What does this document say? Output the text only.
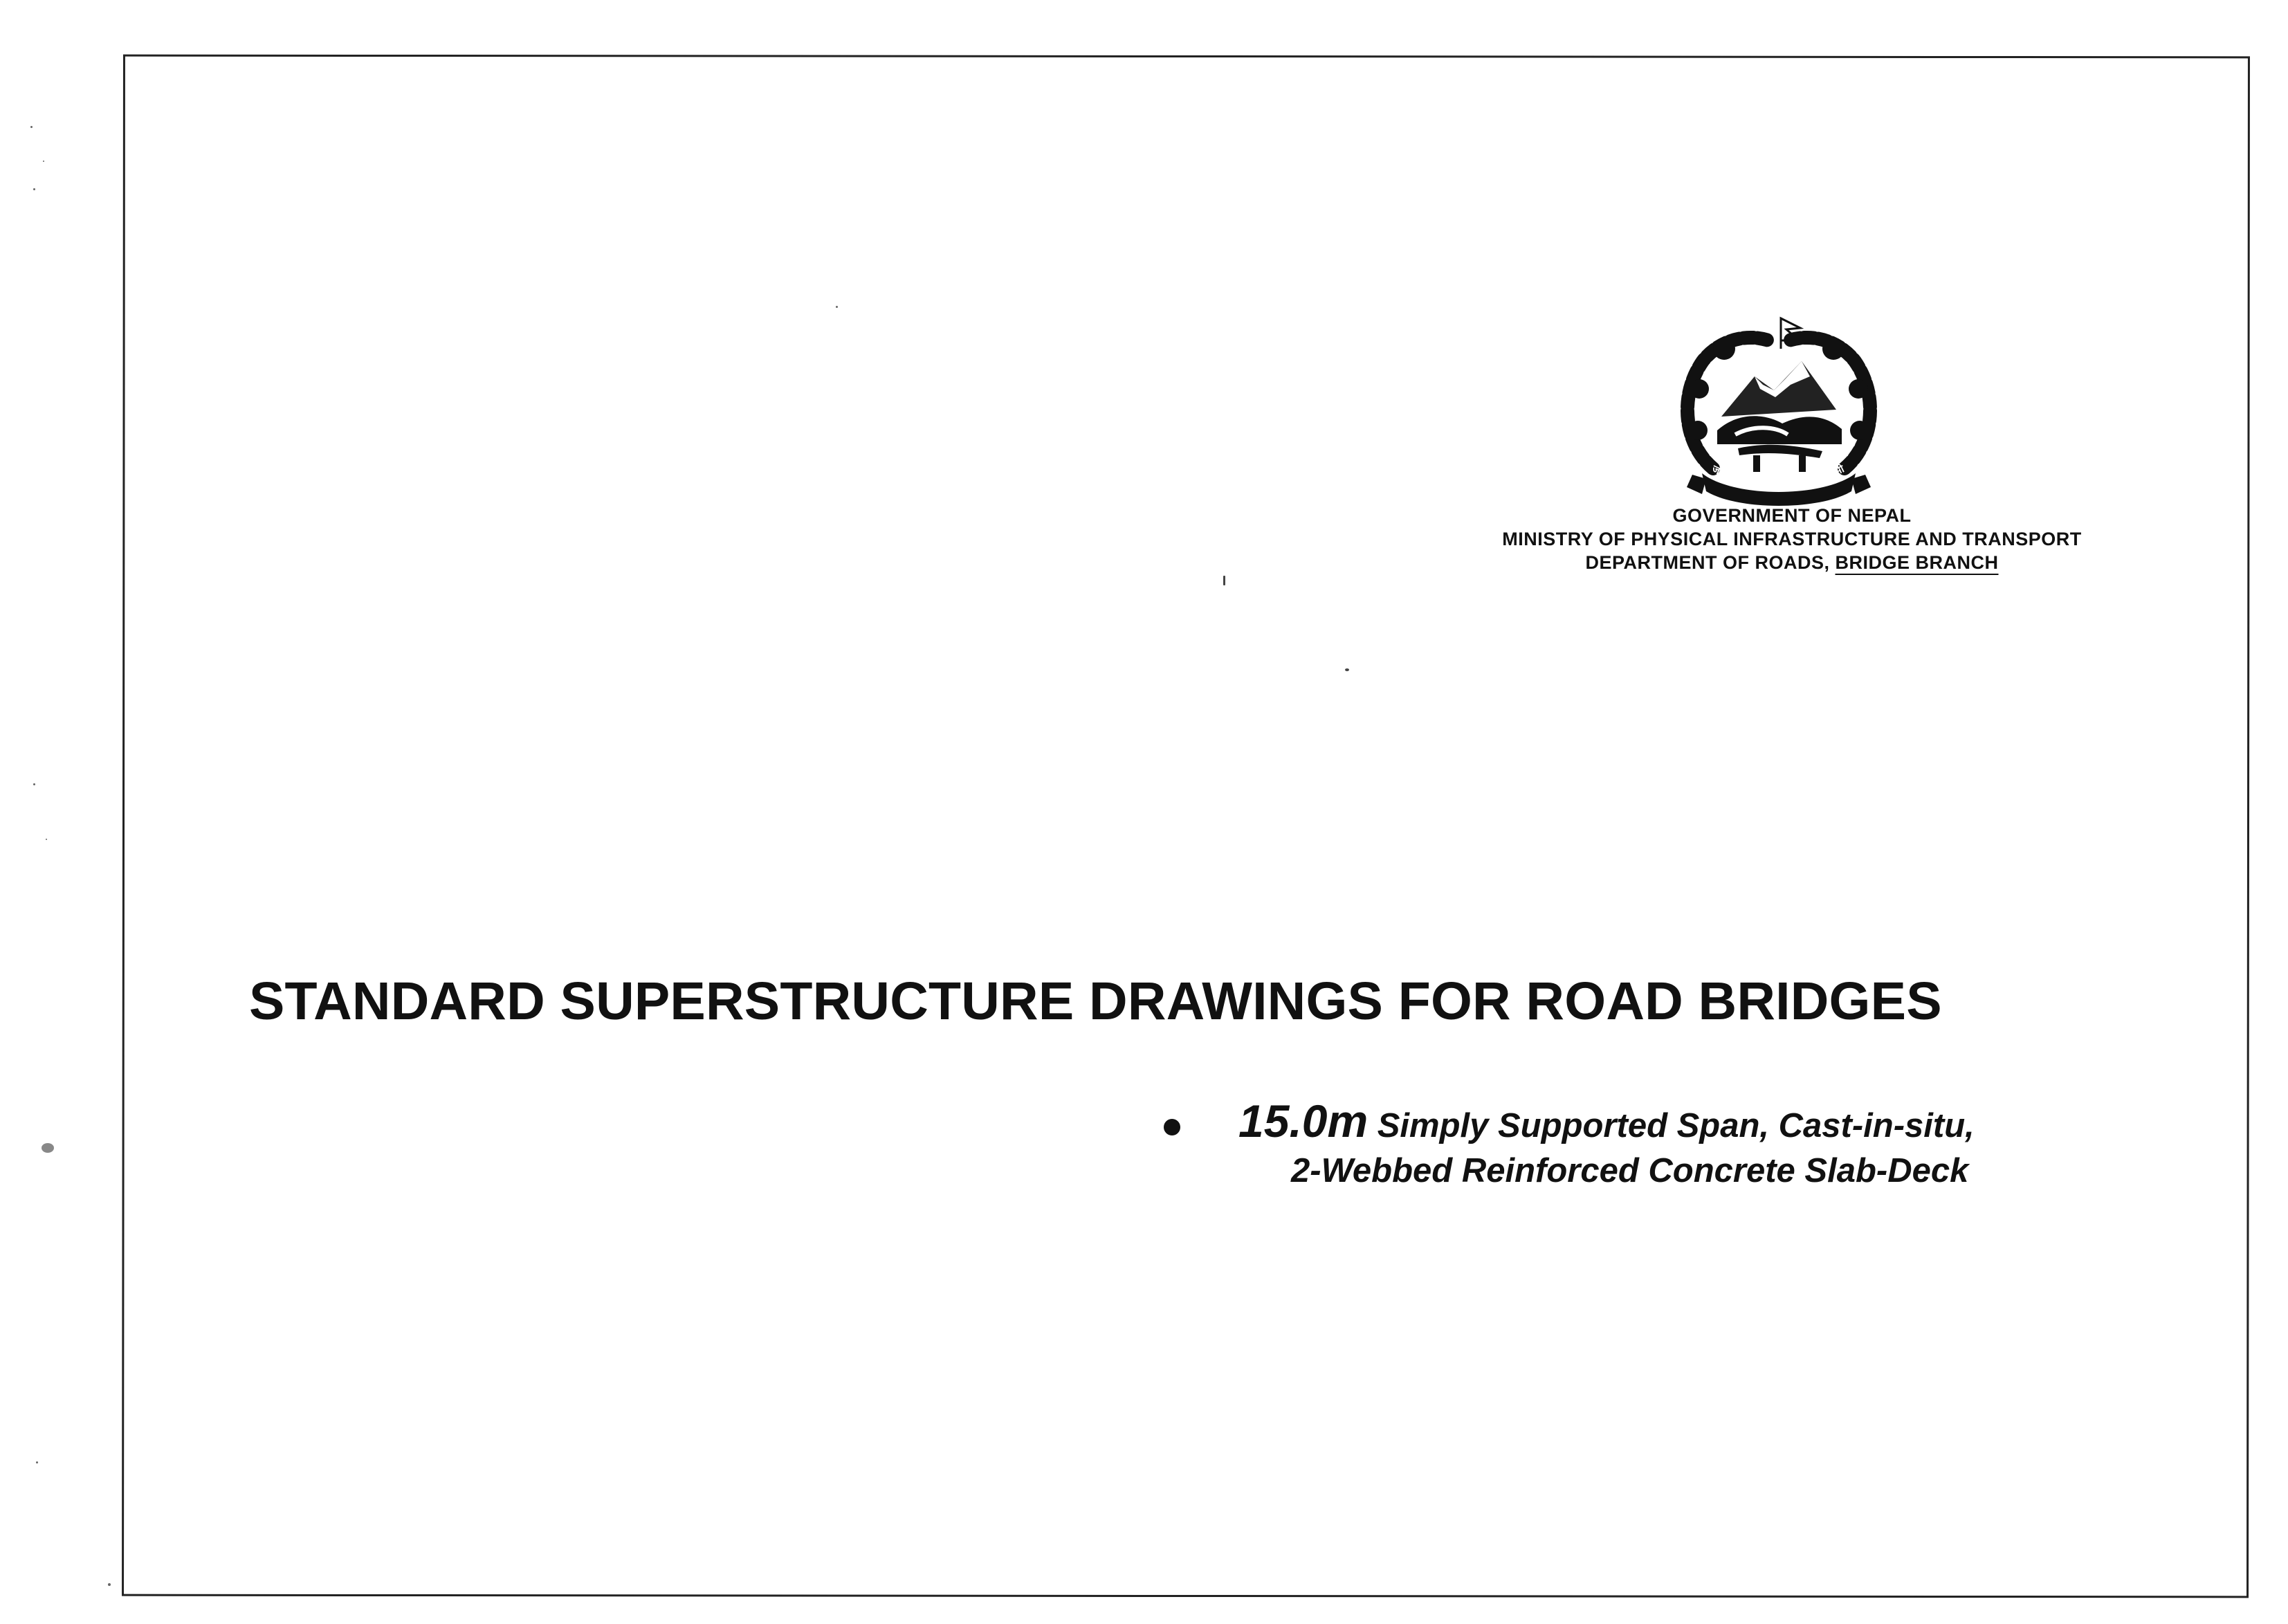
जननी जन्मभूमिश्च स्वर्गादपि गरीयसी
GOVERNMENT OF NEPAL
MINISTRY OF PHYSICAL INFRASTRUCTURE AND TRANSPORT
DEPARTMENT OF ROADS, BRIDGE BRANCH
STANDARD SUPERSTRUCTURE DRAWINGS FOR ROAD BRIDGES
15.0m Simply Supported Span, Cast-in-situ,
2-Webbed Reinforced Concrete Slab-Deck
